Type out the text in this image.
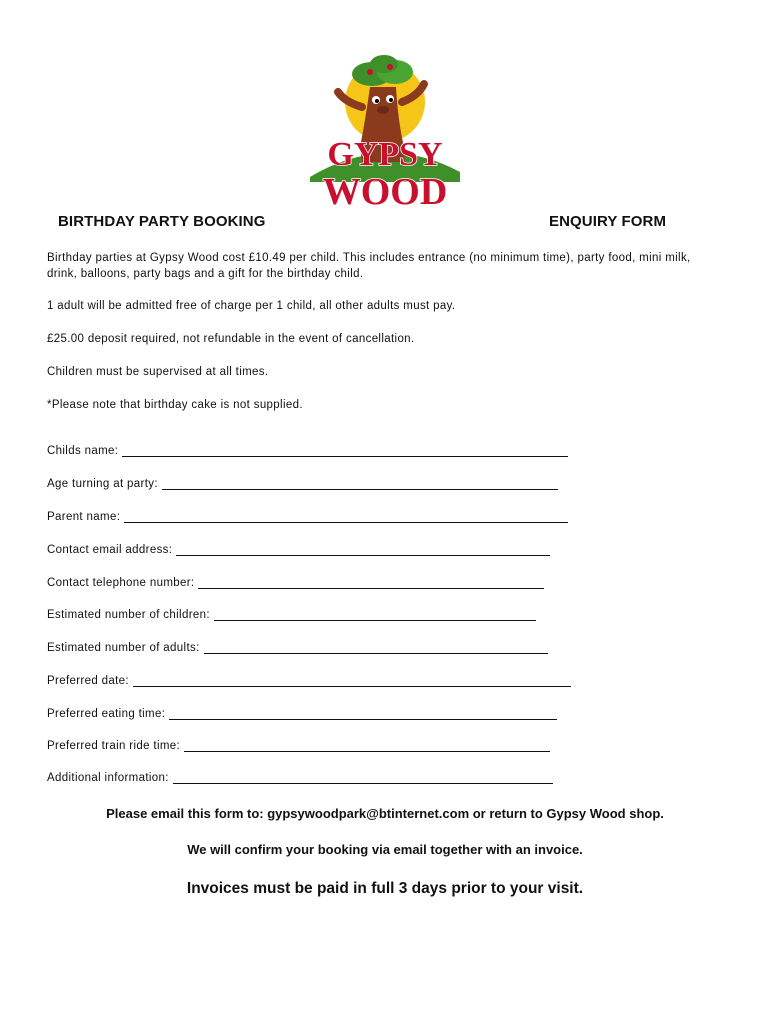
GYPSY
WOOD
BIRTHDAY PARTY BOOKING	ENQUIRY FORM

Birthday parties at Gypsy Wood cost £10.49 per child. This includes entrance (no minimum time), party food, mini milk, drink, balloons, party bags and a gift for the birthday child.

1 adult will be admitted free of charge per 1 child, all other adults must pay.

£25.00 deposit required, not refundable in the event of cancellation.

Children must be supervised at all times.

*Please note that birthday cake is not supplied.

Childs name:
Age turning at party:
Parent name:
Contact email address:
Contact telephone number:
Estimated number of children:
Estimated number of adults:
Preferred date:
Preferred eating time:
Preferred train ride time:
Additional information:
Please email this form to: gypsywoodpark@btinternet.com or return to Gypsy Wood shop.
We will confirm your booking via email together with an invoice.
Invoices must be paid in full 3 days prior to your visit.
